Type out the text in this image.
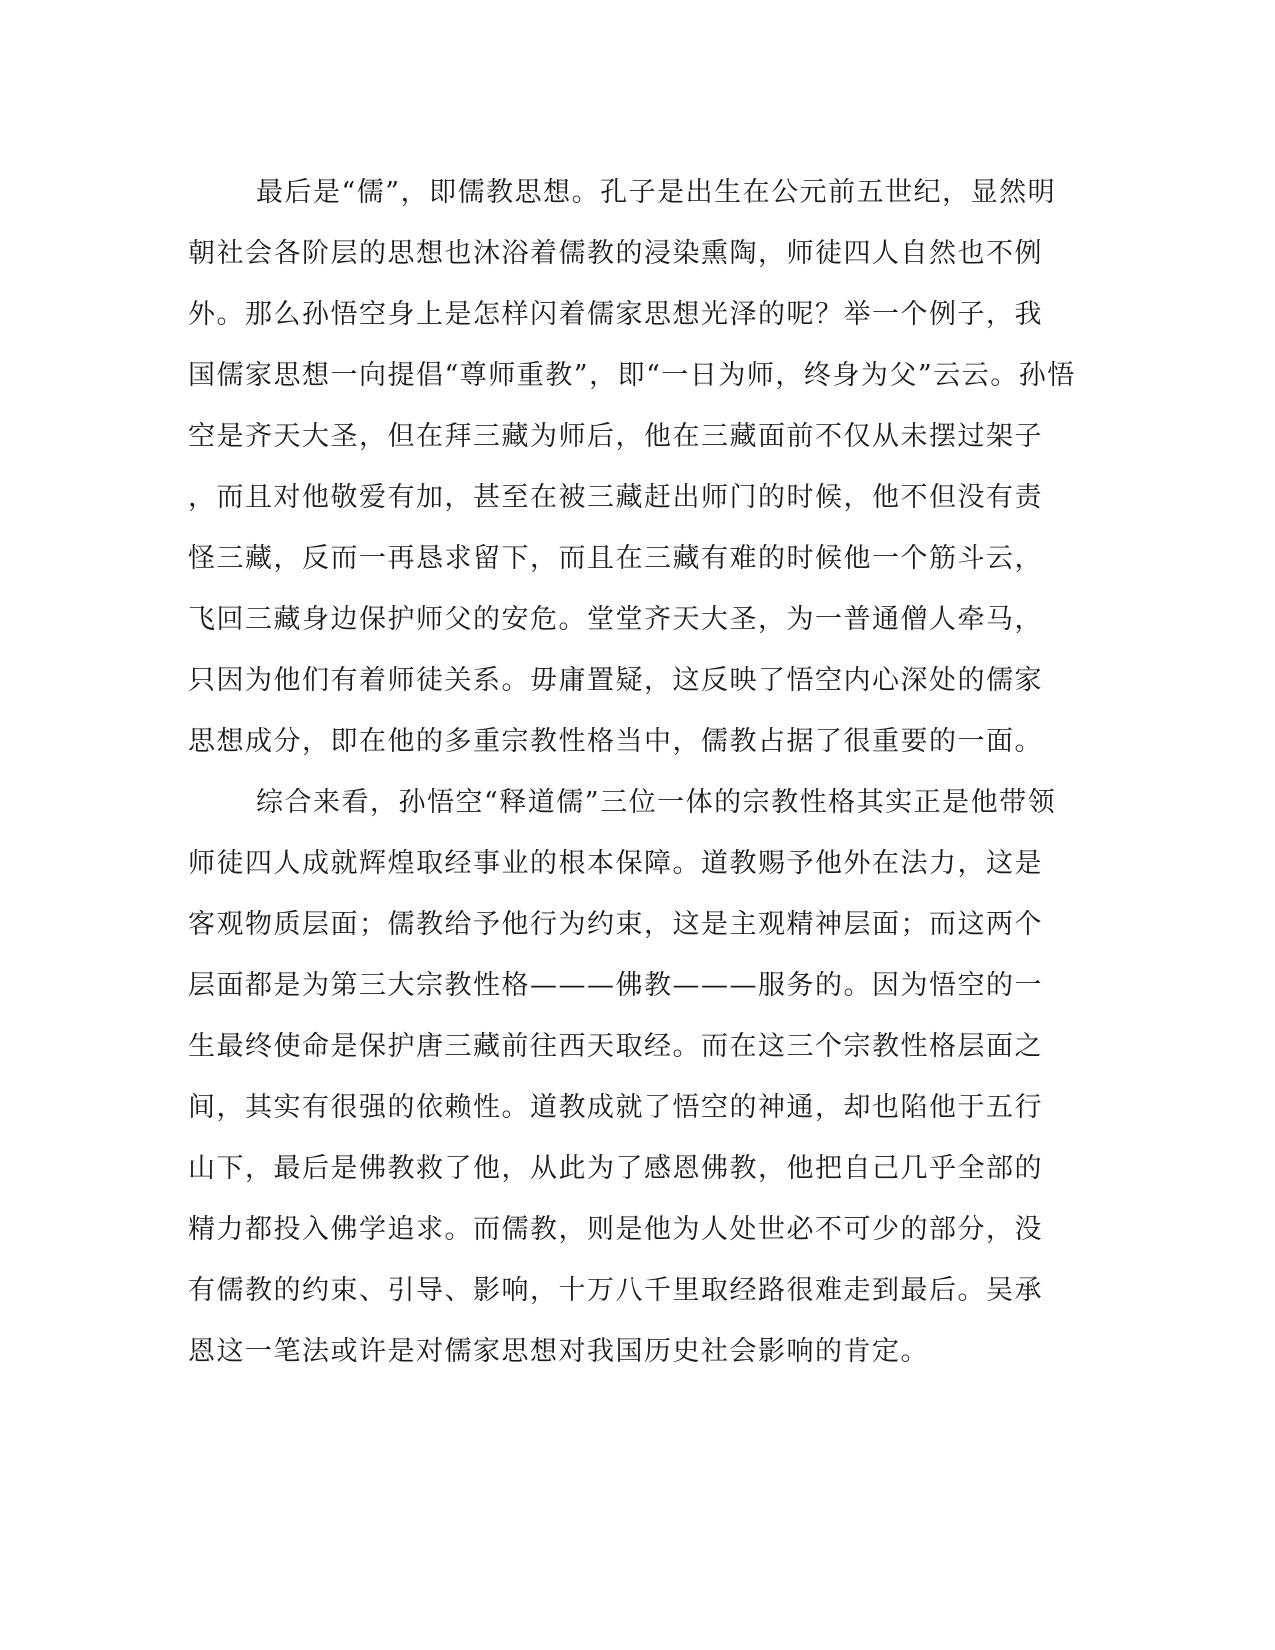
最后是“儒”，即儒教思想。孔子是出生在公元前五世纪，显然明
朝社会各阶层的思想也沐浴着儒教的浸染熏陶，师徒四人自然也不例
外。那么孙悟空身上是怎样闪着儒家思想光泽的呢？举一个例子，我
国儒家思想一向提倡“尊师重教”，即“一日为师，终身为父”云云。孙悟
空是齐天大圣，但在拜三藏为师后，他在三藏面前不仅从未摆过架子
，而且对他敬爱有加，甚至在被三藏赶出师门的时候，他不但没有责
怪三藏，反而一再恳求留下，而且在三藏有难的时候他一个筋斗云，
飞回三藏身边保护师父的安危。堂堂齐天大圣，为一普通僧人牵马，
只因为他们有着师徒关系。毋庸置疑，这反映了悟空内心深处的儒家
思想成分，即在他的多重宗教性格当中，儒教占据了很重要的一面。
综合来看，孙悟空“释道儒”三位一体的宗教性格其实正是他带领
师徒四人成就辉煌取经事业的根本保障。道教赐予他外在法力，这是
客观物质层面；儒教给予他行为约束，这是主观精神层面；而这两个
层面都是为第三大宗教性格———佛教———服务的。因为悟空的一
生最终使命是保护唐三藏前往西天取经。而在这三个宗教性格层面之
间，其实有很强的依赖性。道教成就了悟空的神通，却也陷他于五行
山下，最后是佛教救了他，从此为了感恩佛教，他把自己几乎全部的
精力都投入佛学追求。而儒教，则是他为人处世必不可少的部分，没
有儒教的约束、引导、影响，十万八千里取经路很难走到最后。吴承
恩这一笔法或许是对儒家思想对我国历史社会影响的肯定。
